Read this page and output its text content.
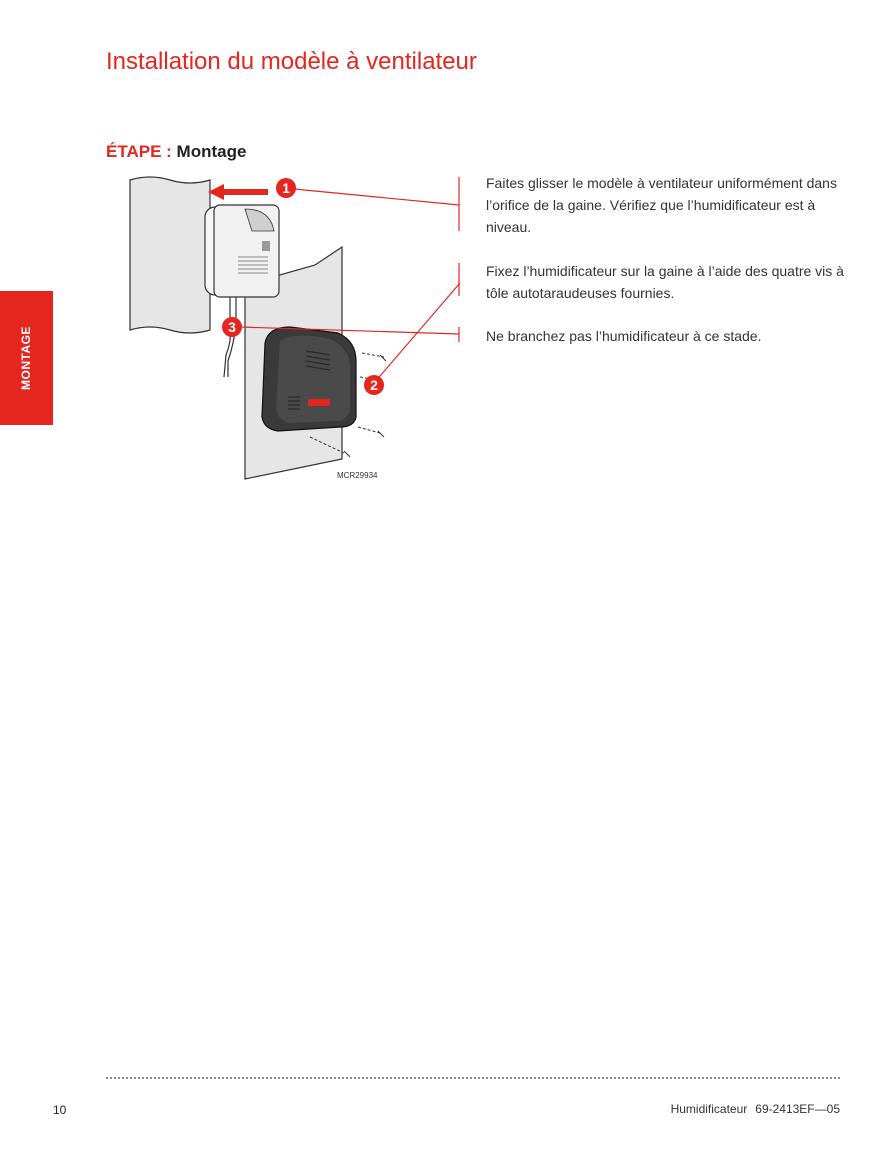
Installation du modèle à ventilateur
ÉTAPE : Montage
MONTAGE
1
2
3
MCR29934

Faites glisser le modèle à ventilateur uniformément dans l’orifice de la gaine. Vérifiez que l’humidificateur est à niveau.

Fixez l’humidificateur sur la gaine à l’aide des quatre vis à tôle autotaraudeuses fournies.

Ne branchez pas l’humidificateur à ce stade.

10	Humidificateur 69-2413EF—05
